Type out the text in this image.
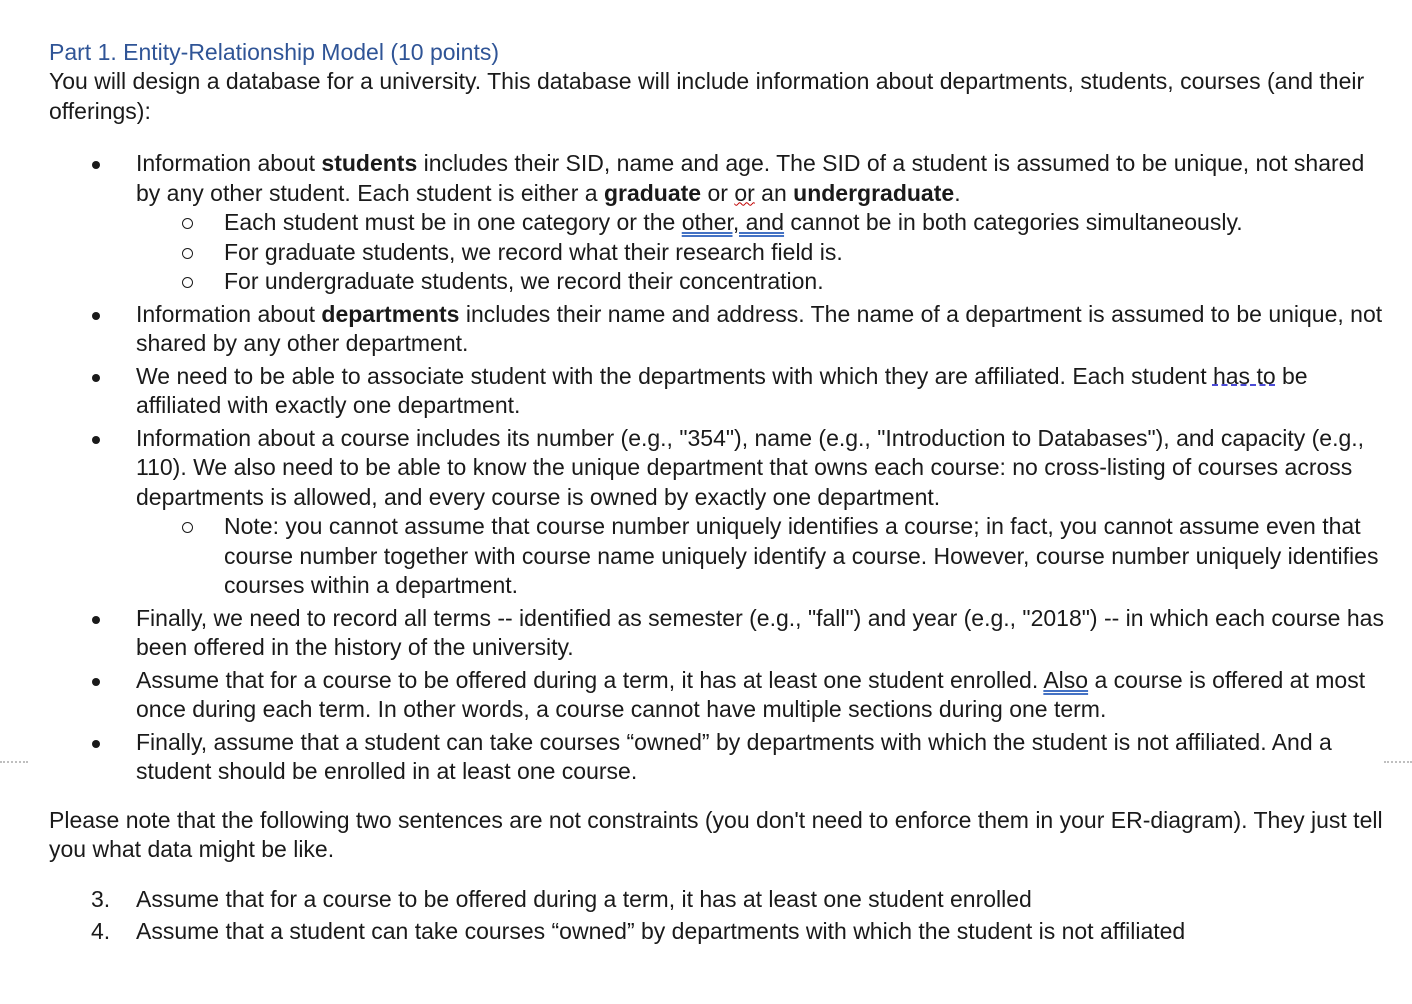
Part 1. Entity-Relationship Model (10 points)
You will design a database for a university. This database will include information about departments, students, courses (and their offerings):
Information about students includes their SID, name and age. The SID of a student is assumed to be unique, not shared by any other student. Each student is either a graduate or or an undergraduate.
Each student must be in one category or the other, and cannot be in both categories simultaneously.
For graduate students, we record what their research field is.
For undergraduate students, we record their concentration.
Information about departments includes their name and address. The name of a department is assumed to be unique, not shared by any other department.
We need to be able to associate student with the departments with which they are affiliated. Each student has to be affiliated with exactly one department.
Information about a course includes its number (e.g., "354"), name (e.g., "Introduction to Databases"), and capacity (e.g., 110). We also need to be able to know the unique department that owns each course: no cross-listing of courses across departments is allowed, and every course is owned by exactly one department.
Note: you cannot assume that course number uniquely identifies a course; in fact, you cannot assume even that course number together with course name uniquely identify a course. However, course number uniquely identifies courses within a department.
Finally, we need to record all terms -- identified as semester (e.g., "fall") and year (e.g., "2018") -- in which each course has been offered in the history of the university.
Assume that for a course to be offered during a term, it has at least one student enrolled. Also a course is offered at most once during each term. In other words, a course cannot have multiple sections during one term.
Finally, assume that a student can take courses “owned” by departments with which the student is not affiliated. And a student should be enrolled in at least one course.
Please note that the following two sentences are not constraints (you don't need to enforce them in your ER-diagram). They just tell you what data might be like.
3. Assume that for a course to be offered during a term, it has at least one student enrolled
4. Assume that a student can take courses “owned” by departments with which the student is not affiliated
